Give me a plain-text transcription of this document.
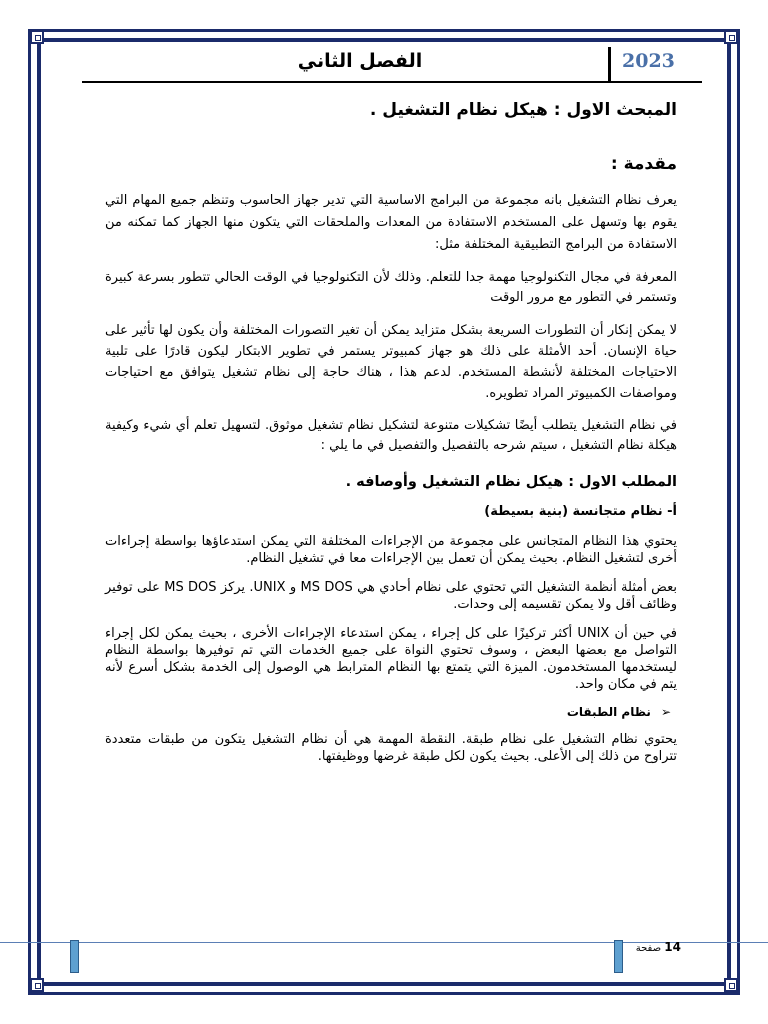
2023
الفصل الثاني

المبحث الاول : هيكل نظام التشغيل .

مقدمة :

يعرف نظام التشغيل بانه مجموعة من البرامج الاساسية التي تدير جهاز الحاسوب وتنظم جميع المهام التي يقوم بها وتسهل على المستخدم الاستفادة من المعدات والملحقات التي يتكون منها الجهاز كما تمكنه من الاستفادة من البرامج التطبيقية المختلفة مثل:

المعرفة في مجال التكنولوجيا مهمة جدا للتعلم. وذلك لأن التكنولوجيا في الوقت الحالي تتطور بسرعة كبيرة وتستمر في التطور مع مرور الوقت

لا يمكن إنكار أن التطورات السريعة بشكل متزايد يمكن أن تغير التصورات المختلفة وأن يكون لها تأثير على حياة الإنسان. أحد الأمثلة على ذلك هو جهاز كمبيوتر يستمر في تطوير الابتكار ليكون قادرًا على تلبية الاحتياجات المختلفة لأنشطة المستخدم. لدعم هذا ، هناك حاجة إلى نظام تشغيل يتوافق مع احتياجات ومواصفات الكمبيوتر المراد تطويره.

في نظام التشغيل يتطلب أيضًا تشكيلات متنوعة لتشكيل نظام تشغيل موثوق. لتسهيل تعلم أي شيء وكيفية هيكلة نظام التشغيل ، سيتم شرحه بالتفصيل والتفصيل في ما يلي :

المطلب الاول : هيكل نظام التشغيل وأوصافه .

أ- نظام متجانسة (بنية بسيطة)

يحتوي هذا النظام المتجانس على مجموعة من الإجراءات المختلفة التي يمكن استدعاؤها بواسطة إجراءات أخرى لتشغيل النظام. بحيث يمكن أن تعمل بين الإجراءات معا في تشغيل النظام.

بعض أمثلة أنظمة التشغيل التي تحتوي على نظام أحادي هي MS DOS و UNIX. يركز MS DOS على توفير وظائف أقل ولا يمكن تقسيمه إلى وحدات.

في حين أن UNIX أكثر تركيزًا على كل إجراء ، يمكن استدعاء الإجراءات الأخرى ، بحيث يمكن لكل إجراء التواصل مع بعضها البعض ، وسوف تحتوي النواة على جميع الخدمات التي تم توفيرها بواسطة النظام ليستخدمها المستخدمون. الميزة التي يتمتع بها النظام المترابط هي الوصول إلى الخدمة بشكل أسرع لأنه يتم في مكان واحد.

➢نظام الطبقات

يحتوي نظام التشغيل على نظام طبقة. النقطة المهمة هي أن نظام التشغيل يتكون من طبقات متعددة تتراوح من ذلك إلى الأعلى. بحيث يكون لكل طبقة غرضها ووظيفتها.

14 صفحة
